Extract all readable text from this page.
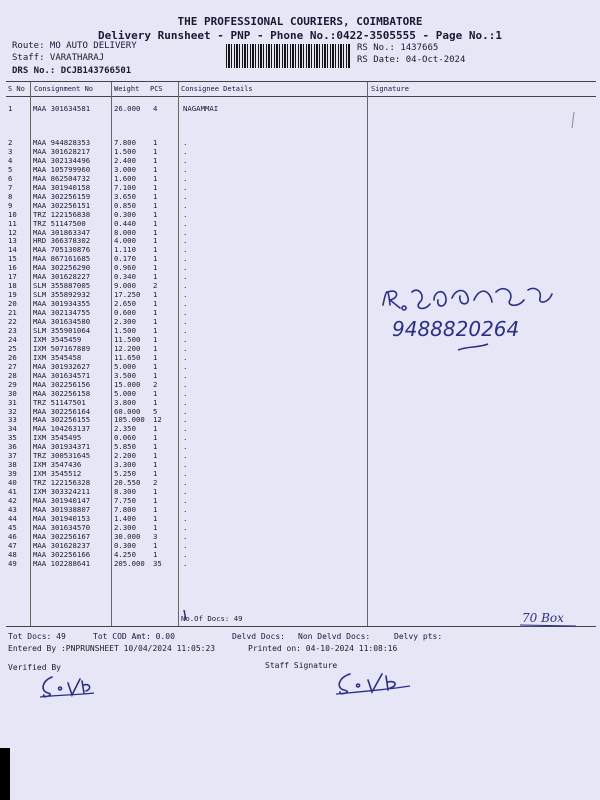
THE PROFESSIONAL COURIERS, COIMBATORE
Delivery Runsheet - PNP - Phone No.:0422-3505555 - Page No.:1
Route: MO AUTO DELIVERY
Staff: VARATHARAJ
DRS No.: DCJB143766501
RS No.: 1437665
RS Date: 04-Oct-2024
S No Consignment No	Weight PCS	Consignee Details	Signature
1	MAA 301634581	26.000 4	NAGAMMAI
2	MAA 944828353	7.800 1	.
3	MAA 301628217	1.500 1	.
4	MAA 302134496	2.400 1	.
5	MAA 105799960	3.000 1	.
6	MAA 862504732	1.600 1	.
7	MAA 301940158	7.100 1	.
8	MAA 302256159	3.650 1	.
9	MAA 302256151	0.850 1	.
10 TRZ 122156838	0.300 1	.
11 TRZ 51147500	0.440 1	.
12 MAA 301863347	8.000 1	.
13 HRD 366378302	4.000 1	.
14 MAA 705130876	1.110 1	.
15 MAA 867161685	0.170 1	.
16 MAA 302256290	0.960 1	.
17 MAA 301628227	0.340 1	.
18 SLM 355887005	9.000 2	.
19 SLM 355892932	17.250 1	.
20 MAA 301934355	2.650 1	.
21 MAA 302134755	0.600 1	.
22 MAA 301634580	2.300 1	.
23 SLM 355901064	1.500 1	.
24 IXM 3545459	11.500 1	.
25 IXM 507167889	12.200 1	.
26 IXM 3545458	11.650 1	.
27 MAA 301932627	5.000 1	.
28 MAA 301634571	3.500 1	.
29 MAA 302256156	15.000 2	.
30 MAA 302256158	5.000 1	.
31 TRZ 51147501	3.800 1	.
32 MAA 302256164	60.000 5	.
33 MAA 302256155	105.000 12	.
34 MAA 104263137	2.350 1	.
35 IXM 3545495	0.060 1	.
36 MAA 301934371	5.850 1	.
37 TRZ 300531645	2.200 1	.
38 IXM 3547436	3.300 1	.
39 IXM 3545512	5.250 1	.
40 TRZ 122156328	20.550 2	.
41 IXM 303324211	8.300 1	.
42 MAA 301940147	7.750 1	.
43 MAA 301938807	7.800 1	.
44 MAA 301940153	1.400 1	.
45 MAA 301634570	2.300 1	.
46 MAA 302256167	30.000 3	.
47 MAA 301628237	0.300 1	.
48 MAA 302256166	4.250 1	.
49 MAA 102288641	205.000 35	.
No.Of Docs: 49
Tot Docs: 49	Tot COD Amt: 0.00	Delvd Docs: Non Delvd Docs:	Delvy pts:
Entered By :PNPRUNSHEET 10/04/2024 11:05:23	Printed on: 04-10-2024 11:08:16
Verified By	Staff Signature
9488820264
70 Box
